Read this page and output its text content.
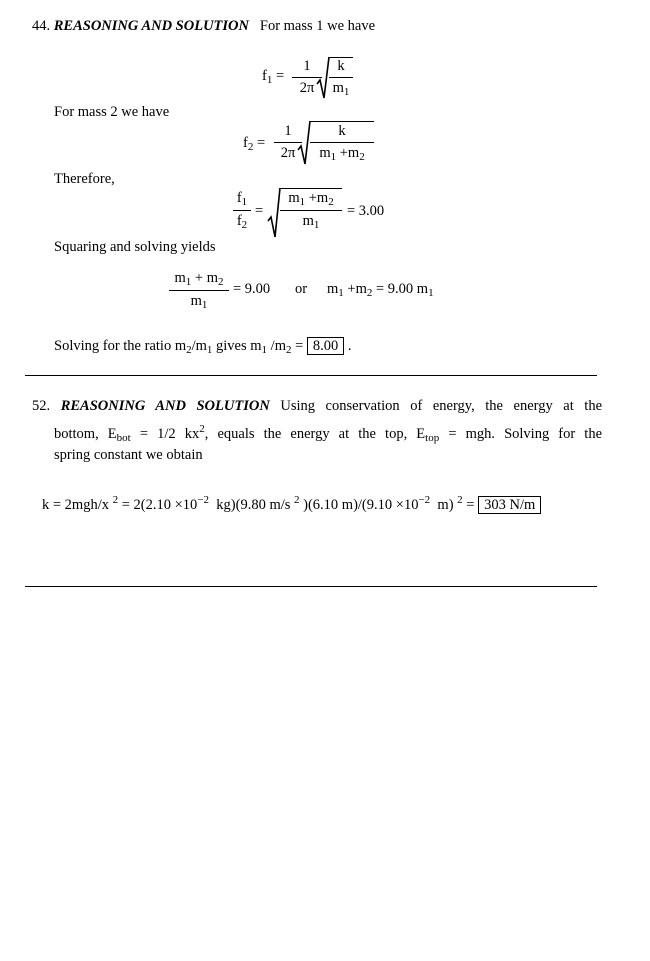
44. REASONING AND SOLUTION For mass 1 we have
$f_1$ =
1
2π
k
$m_1$
For mass 2 we have
$f_2$ =
1
2π
k
$m_1 +m_2$
Therefore,
$f_1$
$f_2$
=
$m_1 +m_2$
$m_1$
= 3.00
Squaring and solving yields
$m_1 + m_2$
$m_1$
= 9.00 or $m_1 +m_2 = 9.00$ $m_1$
Solving for the ratio $m_2/m_1$ gives $m_1$ $/m_2 = 8.00$ .
52. REASONING AND SOLUTION Using conservation of energy, the energy at the
bottom, $E_{bot} = 1/2$ $kx^2$, equals the energy at the top, $E_{top}$ = mgh. Solving for the
spring constant we obtain
k = 2mgh/x $^2 = 2(2.10 \times 10^{-2}$ kg)(9.80 m/s $^2$ )(6.10 $m)/(9.10 \times 10^{-2}$ m) $^2$ = 303 N/m
